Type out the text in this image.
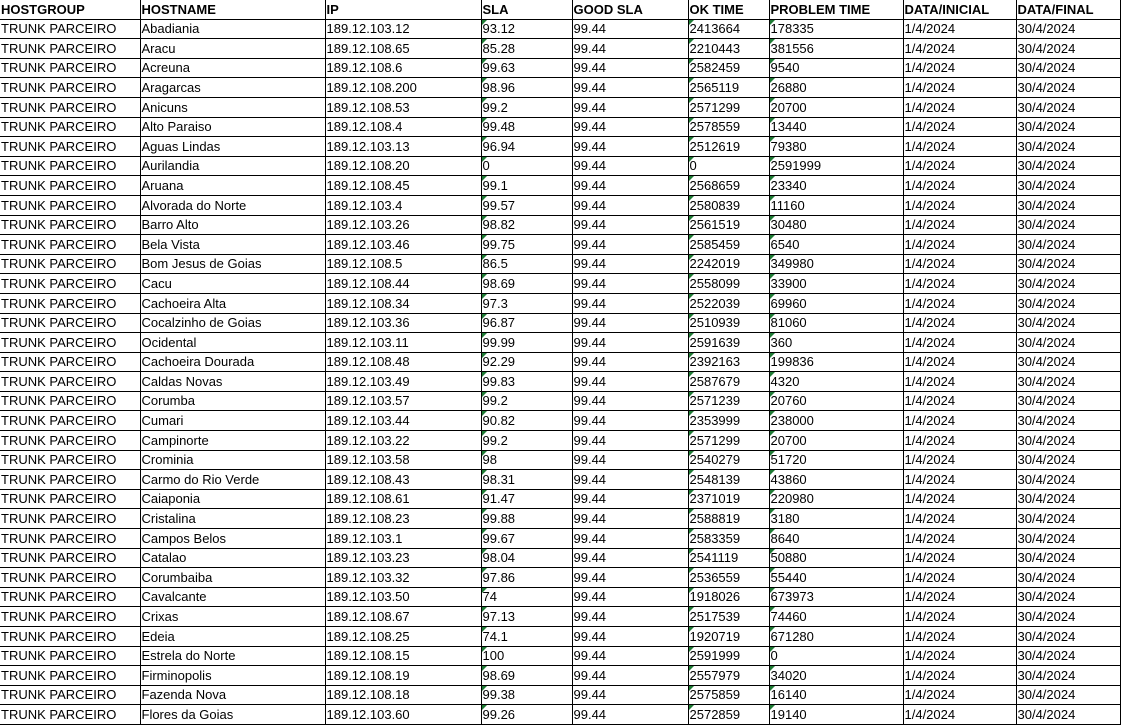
HOSTGROUP	HOSTNAME	IP	SLA	GOOD SLA	OK TIME	PROBLEM TIME	DATA/INICIAL	DATA/FINAL
TRUNK PARCEIRO	Abadiania	189.12.103.12	93.12	99.44	2413664	178335	1/4/2024	30/4/2024
TRUNK PARCEIRO	Aracu	189.12.108.65	85.28	99.44	2210443	381556	1/4/2024	30/4/2024
TRUNK PARCEIRO	Acreuna	189.12.108.6	99.63	99.44	2582459	9540	1/4/2024	30/4/2024
TRUNK PARCEIRO	Aragarcas	189.12.108.200	98.96	99.44	2565119	26880	1/4/2024	30/4/2024
TRUNK PARCEIRO	Anicuns	189.12.108.53	99.2	99.44	2571299	20700	1/4/2024	30/4/2024
TRUNK PARCEIRO	Alto Paraiso	189.12.108.4	99.48	99.44	2578559	13440	1/4/2024	30/4/2024
TRUNK PARCEIRO	Aguas Lindas	189.12.103.13	96.94	99.44	2512619	79380	1/4/2024	30/4/2024
TRUNK PARCEIRO	Aurilandia	189.12.108.20	0	99.44	0	2591999	1/4/2024	30/4/2024
TRUNK PARCEIRO	Aruana	189.12.108.45	99.1	99.44	2568659	23340	1/4/2024	30/4/2024
TRUNK PARCEIRO	Alvorada do Norte	189.12.103.4	99.57	99.44	2580839	11160	1/4/2024	30/4/2024
TRUNK PARCEIRO	Barro Alto	189.12.103.26	98.82	99.44	2561519	30480	1/4/2024	30/4/2024
TRUNK PARCEIRO	Bela Vista	189.12.103.46	99.75	99.44	2585459	6540	1/4/2024	30/4/2024
TRUNK PARCEIRO	Bom Jesus de Goias	189.12.108.5	86.5	99.44	2242019	349980	1/4/2024	30/4/2024
TRUNK PARCEIRO	Cacu	189.12.108.44	98.69	99.44	2558099	33900	1/4/2024	30/4/2024
TRUNK PARCEIRO	Cachoeira Alta	189.12.108.34	97.3	99.44	2522039	69960	1/4/2024	30/4/2024
TRUNK PARCEIRO	Cocalzinho de Goias	189.12.103.36	96.87	99.44	2510939	81060	1/4/2024	30/4/2024
TRUNK PARCEIRO	Ocidental	189.12.103.11	99.99	99.44	2591639	360	1/4/2024	30/4/2024
TRUNK PARCEIRO	Cachoeira Dourada	189.12.108.48	92.29	99.44	2392163	199836	1/4/2024	30/4/2024
TRUNK PARCEIRO	Caldas Novas	189.12.103.49	99.83	99.44	2587679	4320	1/4/2024	30/4/2024
TRUNK PARCEIRO	Corumba	189.12.103.57	99.2	99.44	2571239	20760	1/4/2024	30/4/2024
TRUNK PARCEIRO	Cumari	189.12.103.44	90.82	99.44	2353999	238000	1/4/2024	30/4/2024
TRUNK PARCEIRO	Campinorte	189.12.103.22	99.2	99.44	2571299	20700	1/4/2024	30/4/2024
TRUNK PARCEIRO	Crominia	189.12.103.58	98	99.44	2540279	51720	1/4/2024	30/4/2024
TRUNK PARCEIRO	Carmo do Rio Verde	189.12.108.43	98.31	99.44	2548139	43860	1/4/2024	30/4/2024
TRUNK PARCEIRO	Caiaponia	189.12.108.61	91.47	99.44	2371019	220980	1/4/2024	30/4/2024
TRUNK PARCEIRO	Cristalina	189.12.108.23	99.88	99.44	2588819	3180	1/4/2024	30/4/2024
TRUNK PARCEIRO	Campos Belos	189.12.103.1	99.67	99.44	2583359	8640	1/4/2024	30/4/2024
TRUNK PARCEIRO	Catalao	189.12.103.23	98.04	99.44	2541119	50880	1/4/2024	30/4/2024
TRUNK PARCEIRO	Corumbaiba	189.12.103.32	97.86	99.44	2536559	55440	1/4/2024	30/4/2024
TRUNK PARCEIRO	Cavalcante	189.12.103.50	74	99.44	1918026	673973	1/4/2024	30/4/2024
TRUNK PARCEIRO	Crixas	189.12.108.67	97.13	99.44	2517539	74460	1/4/2024	30/4/2024
TRUNK PARCEIRO	Edeia	189.12.108.25	74.1	99.44	1920719	671280	1/4/2024	30/4/2024
TRUNK PARCEIRO	Estrela do Norte	189.12.108.15	100	99.44	2591999	0	1/4/2024	30/4/2024
TRUNK PARCEIRO	Firminopolis	189.12.108.19	98.69	99.44	2557979	34020	1/4/2024	30/4/2024
TRUNK PARCEIRO	Fazenda Nova	189.12.108.18	99.38	99.44	2575859	16140	1/4/2024	30/4/2024
TRUNK PARCEIRO	Flores da Goias	189.12.103.60	99.26	99.44	2572859	19140	1/4/2024	30/4/2024
